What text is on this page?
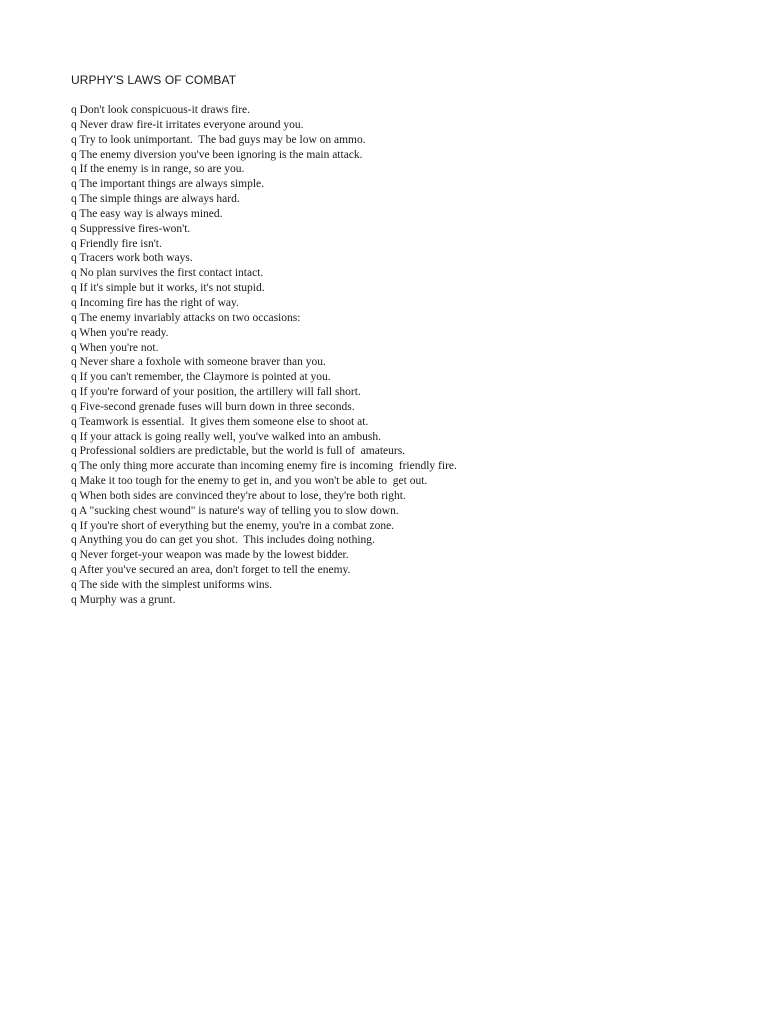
URPHY'S LAWS OF COMBAT
q Don't look conspicuous-it draws fire.
q Never draw fire-it irritates everyone around you.
q Try to look unimportant.  The bad guys may be low on ammo.
q The enemy diversion you've been ignoring is the main attack.
q If the enemy is in range, so are you.
q The important things are always simple.
q The simple things are always hard.
q The easy way is always mined.
q Suppressive fires-won't.
q Friendly fire isn't.
q Tracers work both ways.
q No plan survives the first contact intact.
q If it's simple but it works, it's not stupid.
q Incoming fire has the right of way.
q The enemy invariably attacks on two occasions:
q When you're ready.
q When you're not.
q Never share a foxhole with someone braver than you.
q If you can't remember, the Claymore is pointed at you.
q If you're forward of your position, the artillery will fall short.
q Five-second grenade fuses will burn down in three seconds.
q Teamwork is essential.  It gives them someone else to shoot at.
q If your attack is going really well, you've walked into an ambush.
q Professional soldiers are predictable, but the world is full of  amateurs.
q The only thing more accurate than incoming enemy fire is incoming  friendly fire.
q Make it too tough for the enemy to get in, and you won't be able to  get out.
q When both sides are convinced they're about to lose, they're both right.
q A "sucking chest wound" is nature's way of telling you to slow down.
q If you're short of everything but the enemy, you're in a combat zone.
q Anything you do can get you shot.  This includes doing nothing.
q Never forget-your weapon was made by the lowest bidder.
q After you've secured an area, don't forget to tell the enemy.
q The side with the simplest uniforms wins.
q Murphy was a grunt.
